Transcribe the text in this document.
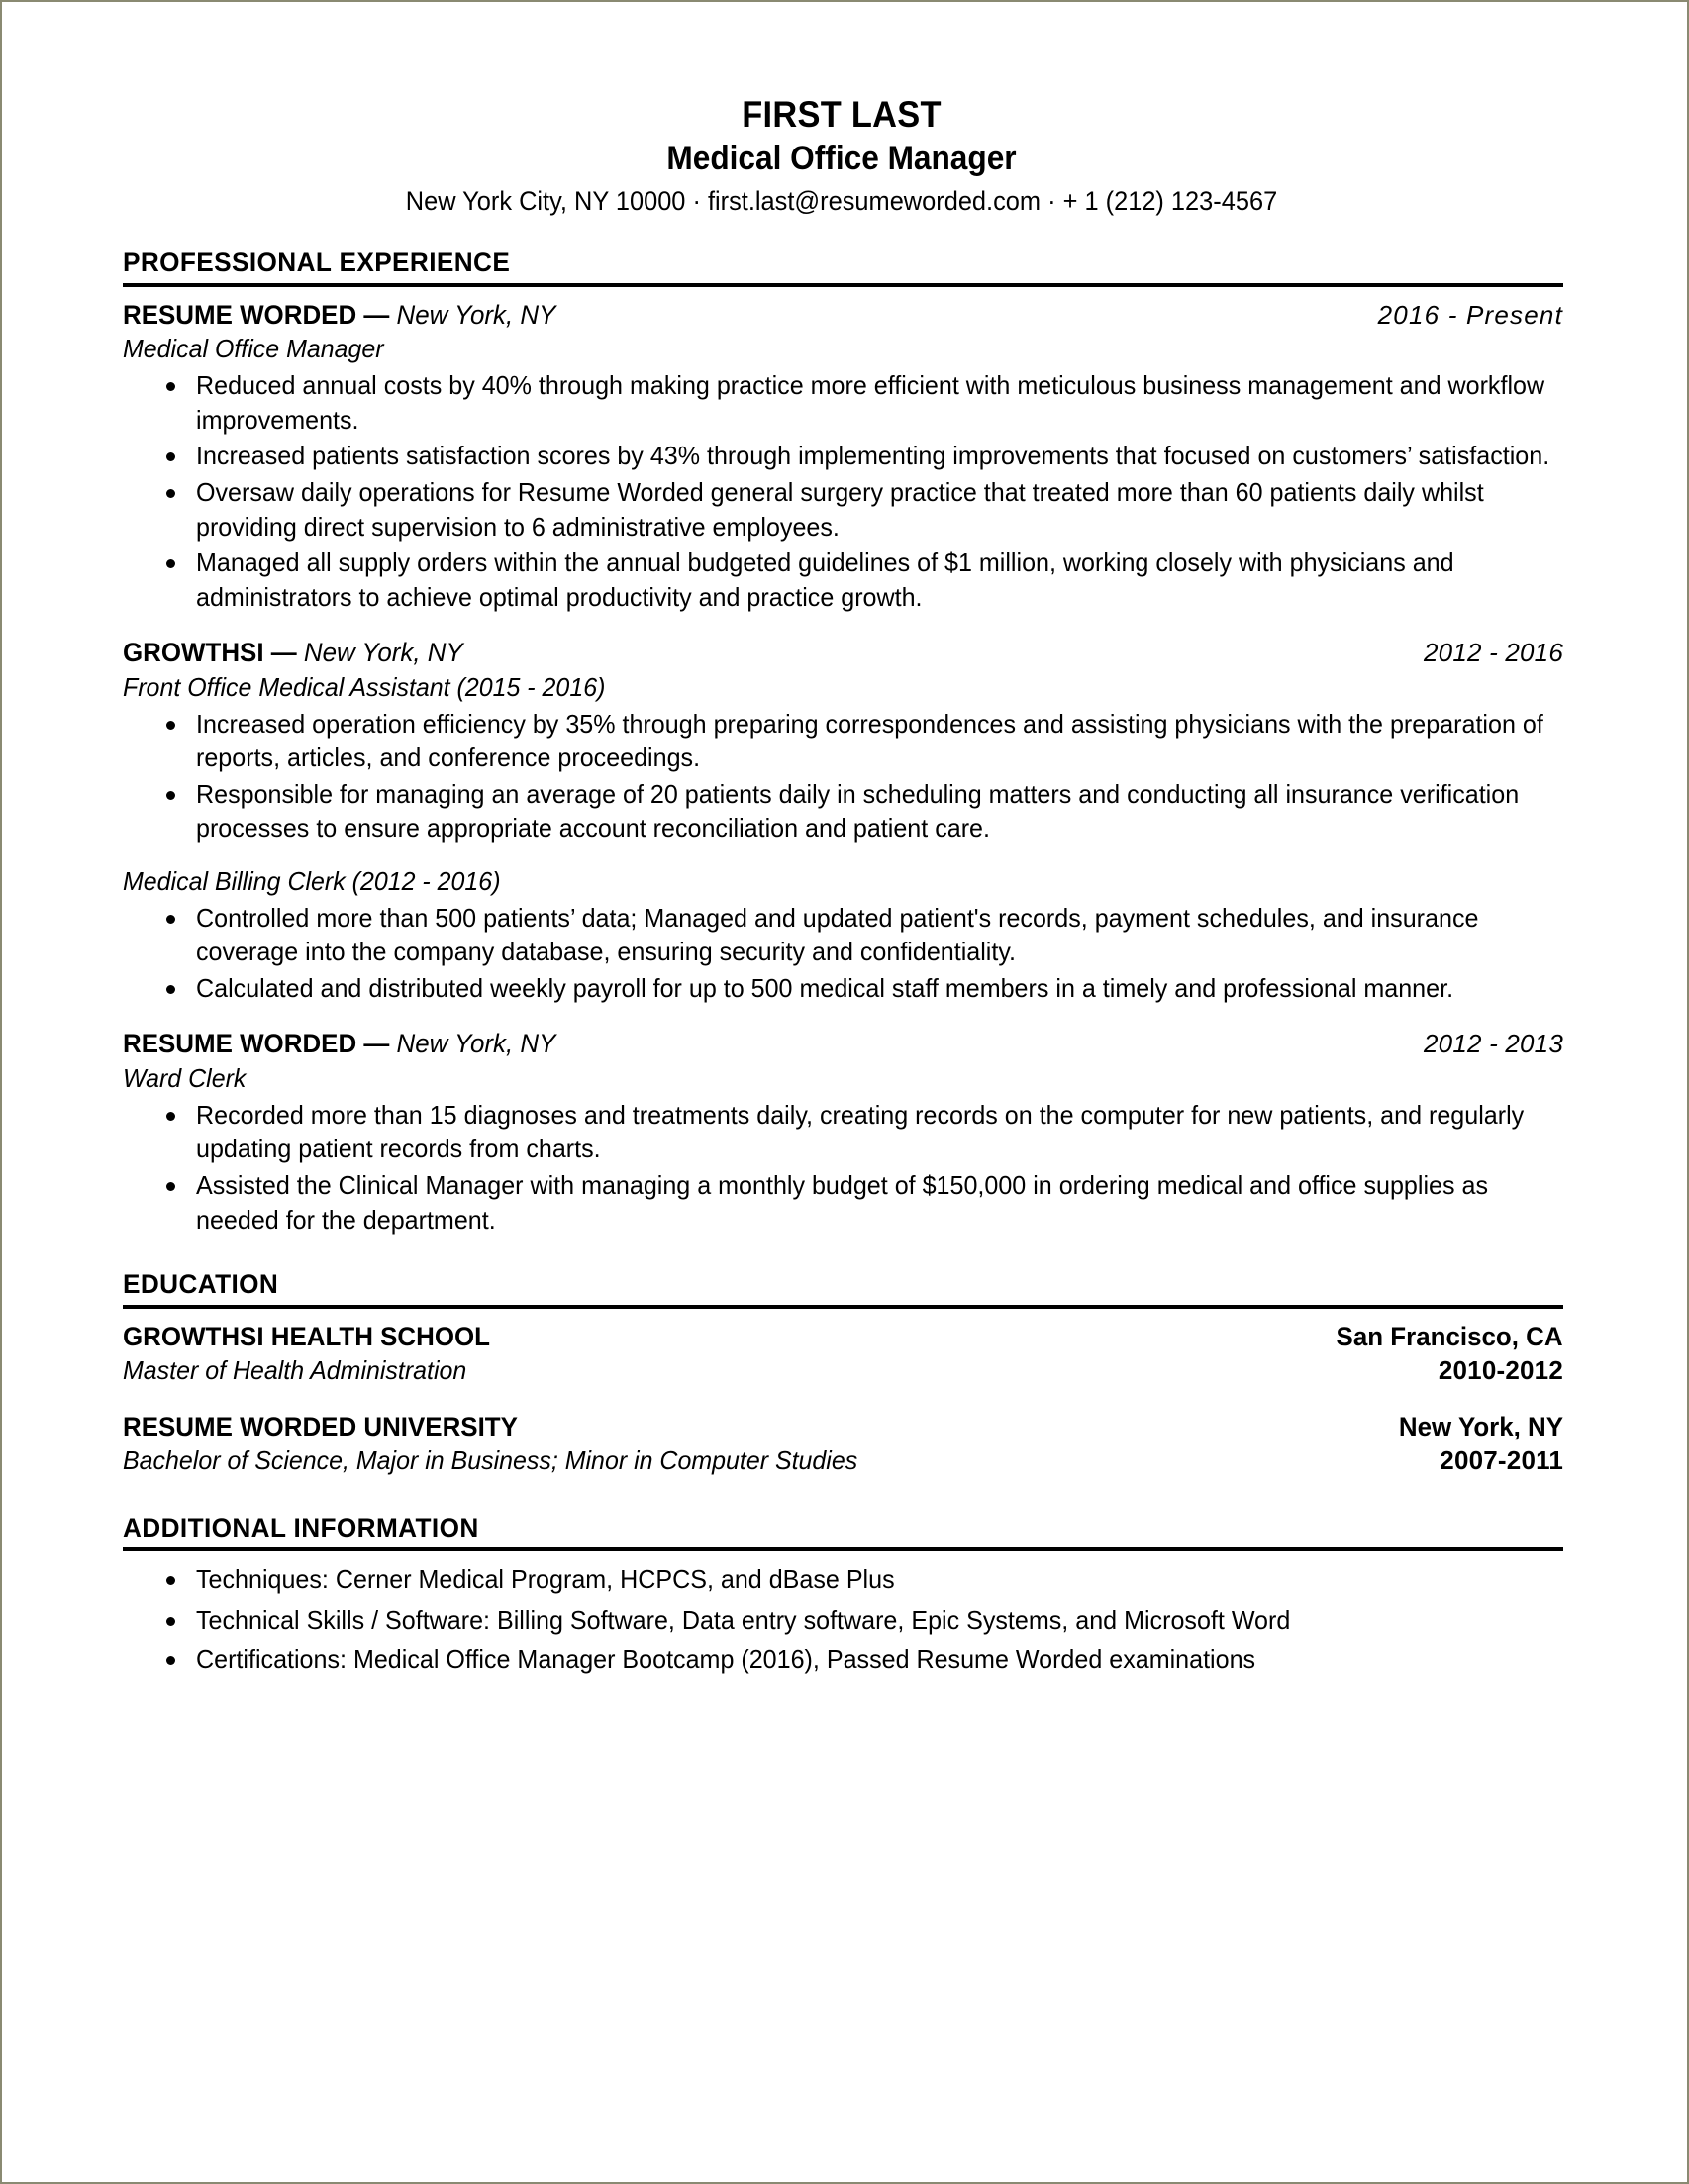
FIRST LAST
Medical Office Manager
New York City, NY 10000 · first.last@resumeworded.com · + 1 (212) 123-4567
PROFESSIONAL EXPERIENCE
RESUME WORDED — New York, NY	2016 - Present
Medical Office Manager
Reduced annual costs by 40% through making practice more efficient with meticulous business management and workflow improvements.
Increased patients satisfaction scores by 43% through implementing improvements that focused on customers’ satisfaction.
Oversaw daily operations for Resume Worded general surgery practice that treated more than 60 patients daily whilst providing direct supervision to 6 administrative employees.
Managed all supply orders within the annual budgeted guidelines of $1 million, working closely with physicians and administrators to achieve optimal productivity and practice growth.
GROWTHSI — New York, NY	2012 - 2016
Front Office Medical Assistant (2015 - 2016)
Increased operation efficiency by 35% through preparing correspondences and assisting physicians with the preparation of reports, articles, and conference proceedings.
Responsible for managing an average of 20 patients daily in scheduling matters and conducting all insurance verification processes to ensure appropriate account reconciliation and patient care.
Medical Billing Clerk (2012 - 2016)
Controlled more than 500 patients’ data; Managed and updated patient's records, payment schedules, and insurance coverage into the company database, ensuring security and confidentiality.
Calculated and distributed weekly payroll for up to 500 medical staff members in a timely and professional manner.
RESUME WORDED — New York, NY	2012 - 2013
Ward Clerk
Recorded more than 15 diagnoses and treatments daily, creating records on the computer for new patients, and regularly updating patient records from charts.
Assisted the Clinical Manager with managing a monthly budget of $150,000 in ordering medical and office supplies as needed for the department.
EDUCATION
GROWTHSI HEALTH SCHOOL	San Francisco, CA
Master of Health Administration	2010-2012
RESUME WORDED UNIVERSITY	New York, NY
Bachelor of Science, Major in Business; Minor in Computer Studies	2007-2011
ADDITIONAL INFORMATION
Techniques: Cerner Medical Program, HCPCS, and dBase Plus
Technical Skills / Software: Billing Software, Data entry software, Epic Systems, and Microsoft Word
Certifications: Medical Office Manager Bootcamp (2016), Passed Resume Worded examinations
